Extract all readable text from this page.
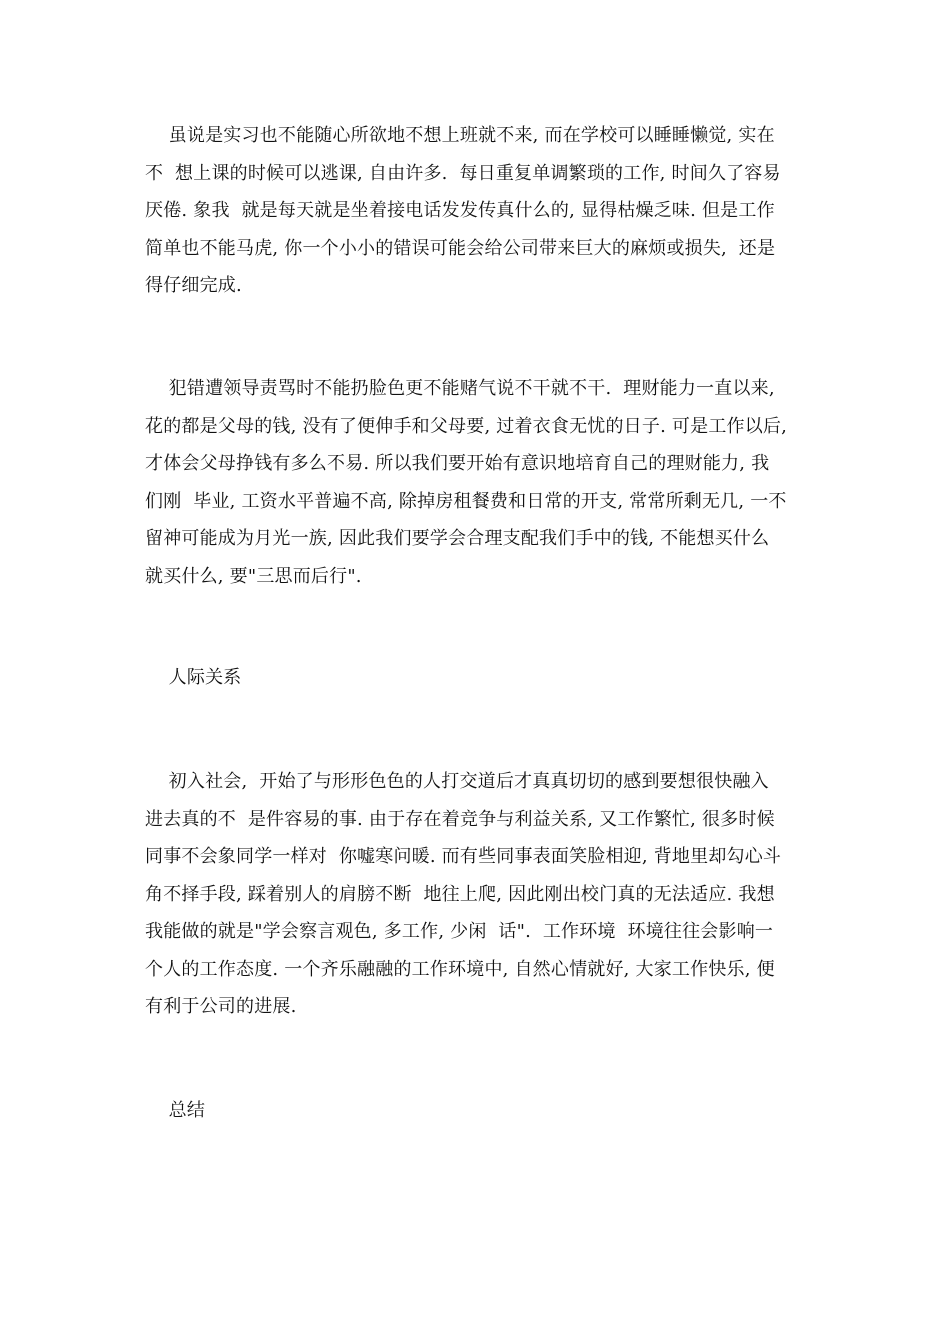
虽说是实习也不能随心所欲地不想上班就不来, 而在学校可以睡睡懒觉, 实在
不  想上课的时候可以逃课, 自由许多.  每日重复单调繁琐的工作, 时间久了容易
厌倦. 象我  就是每天就是坐着接电话发发传真什么的, 显得枯燥乏味. 但是工作
简单也不能马虎, 你一个小小的错误可能会给公司带来巨大的麻烦或损失,  还是
得仔细完成.
犯错遭领导责骂时不能扔脸色更不能赌气说不干就不干.  理财能力一直以来,
花的都是父母的钱, 没有了便伸手和父母要, 过着衣食无忧的日子. 可是工作以后,
才体会父母挣钱有多么不易. 所以我们要开始有意识地培育自己的理财能力, 我
们刚  毕业, 工资水平普遍不高, 除掉房租餐费和日常的开支, 常常所剩无几, 一不
留神可能成为月光一族, 因此我们要学会合理支配我们手中的钱, 不能想买什么
就买什么, 要"三思而后行".
人际关系
初入社会,  开始了与形形色色的人打交道后才真真切切的感到要想很快融入
进去真的不  是件容易的事. 由于存在着竞争与利益关系, 又工作繁忙, 很多时候
同事不会象同学一样对  你嘘寒问暖. 而有些同事表面笑脸相迎, 背地里却勾心斗
角不择手段, 踩着别人的肩膀不断  地往上爬, 因此刚出校门真的无法适应. 我想
我能做的就是"学会察言观色, 多工作, 少闲  话".  工作环境  环境往往会影响一
个人的工作态度. 一个齐乐融融的工作环境中, 自然心情就好, 大家工作快乐, 便
有利于公司的进展.
总结
